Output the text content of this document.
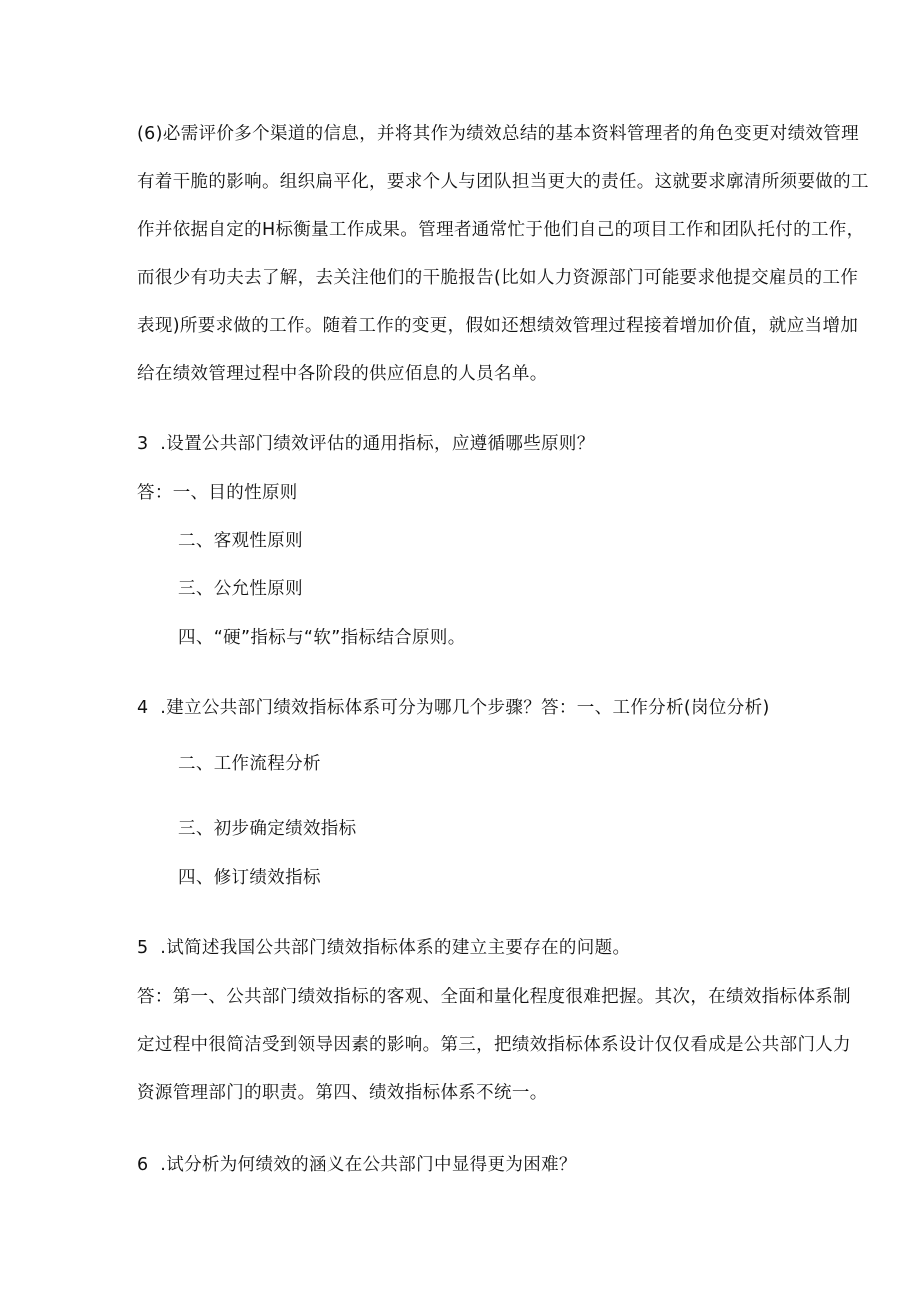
(6)必需评价多个渠道的信息，并将其作为绩效总结的基本资料管理者的角色变更对绩效管理
有着干脆的影响。组织扁平化，要求个人与团队担当更大的责任。这就要求廓清所须要做的工
作并依据自定的H标衡量工作成果。管理者通常忙于他们自己的项目工作和团队托付的工作，
而很少有功夫去了解，去关注他们的干脆报告(比如人力资源部门可能要求他提交雇员的工作
表现)所要求做的工作。随着工作的变更，假如还想绩效管理过程接着增加价值，就应当增加
给在绩效管理过程中各阶段的供应佰息的人员名单。
3  .设置公共部门绩效评估的通用指标，应遵循哪些原则？
答：一、目的性原则
二、客观性原则
三、公允性原则
四、“硬”指标与“软”指标结合原则。
4  .建立公共部门绩效指标体系可分为哪几个步骤？答：一、工作分析(岗位分析)
二、工作流程分析
三、初步确定绩效指标
四、修订绩效指标
5  .试简述我国公共部门绩效指标体系的建立主要存在的问题。
答：第一、公共部门绩效指标的客观、全面和量化程度很难把握。其次，在绩效指标体系制
定过程中很简洁受到领导因素的影响。第三，把绩效指标体系设计仅仅看成是公共部门人力
资源管理部门的职责。第四、绩效指标体系不统一。
6  .试分析为何绩效的涵义在公共部门中显得更为困难？
